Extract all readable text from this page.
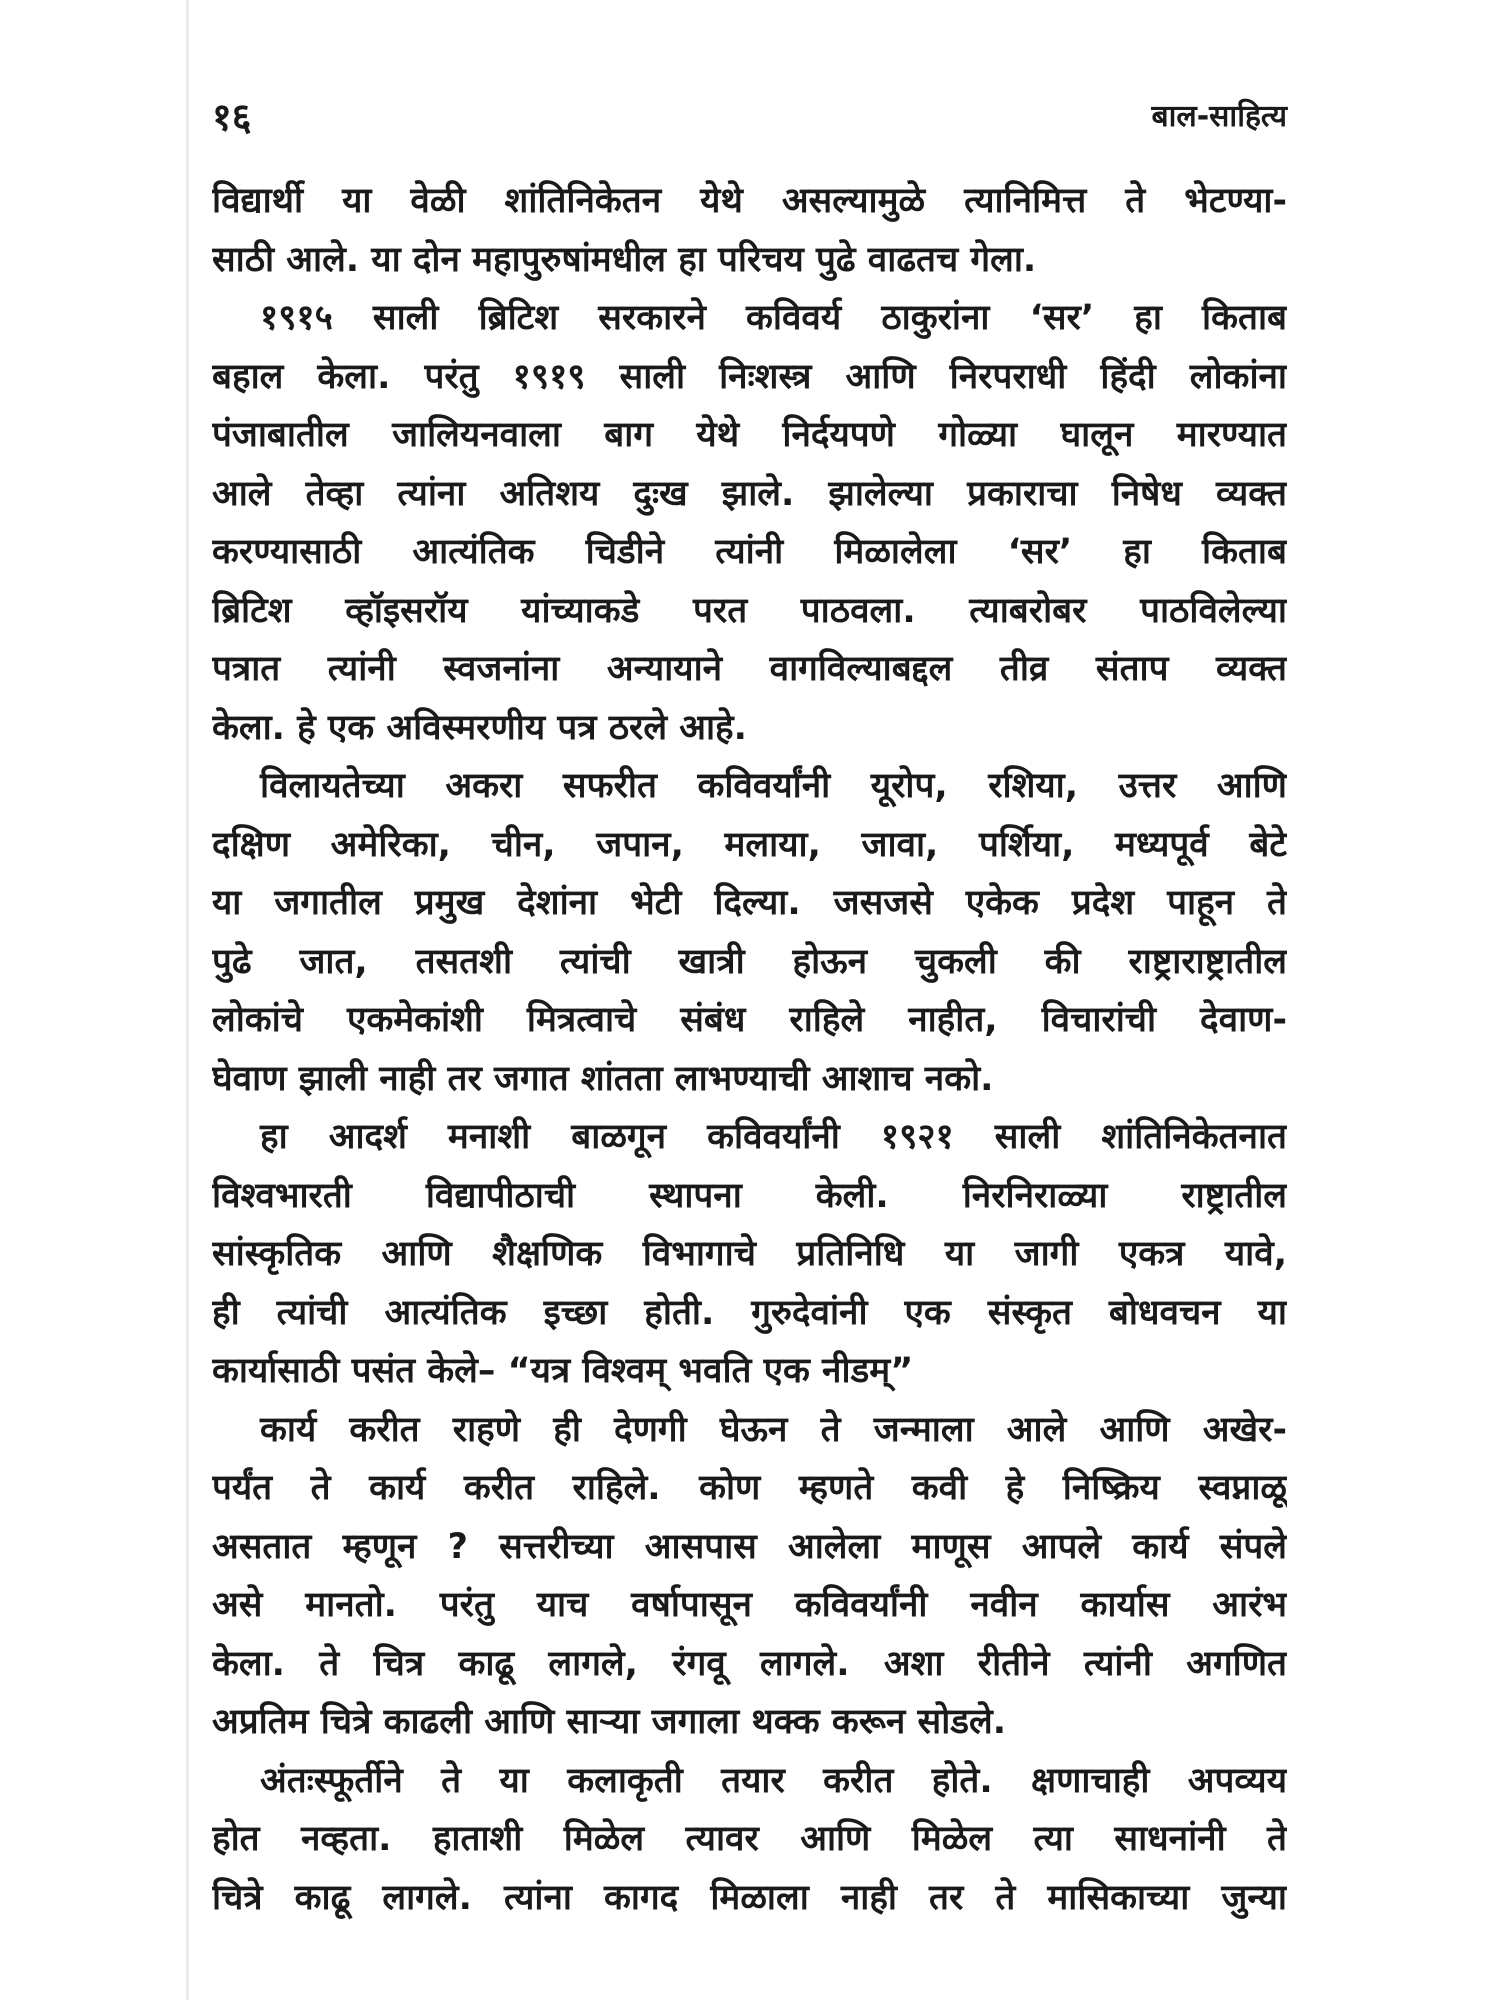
१६	बाल-साहित्य
विद्यार्थी या वेळी शांतिनिकेतन येथे असल्यामुळे त्यानिमित्त ते भेटण्या-
साठी आले. या दोन महापुरुषांमधील हा परिचय पुढे वाढतच गेला.
१९१५ साली ब्रिटिश सरकारने कविवर्य ठाकुरांना ‘सर’ हा किताब
बहाल केला. परंतु १९१९ साली निःशस्त्र आणि निरपराधी हिंदी लोकांना
पंजाबातील जालियनवाला बाग येथे निर्दयपणे गोळ्या घालून मारण्यात
आले तेव्हा त्यांना अतिशय दुःख झाले. झालेल्या प्रकाराचा निषेध व्यक्त
करण्यासाठी आत्यंतिक चिडीने त्यांनी मिळालेला ‘सर’ हा किताब
ब्रिटिश व्हॉइसरॉय यांच्याकडे परत पाठवला. त्याबरोबर पाठविलेल्या
पत्रात त्यांनी स्वजनांना अन्यायाने वागविल्याबद्दल तीव्र संताप व्यक्त
केला. हे एक अविस्मरणीय पत्र ठरले आहे.
विलायतेच्या अकरा सफरीत कविवर्यांनी यूरोप, रशिया, उत्तर आणि
दक्षिण अमेरिका, चीन, जपान, मलाया, जावा, पर्शिया, मध्यपूर्व बेटे
या जगातील प्रमुख देशांना भेटी दिल्या. जसजसे एकेक प्रदेश पाहून ते
पुढे जात, तसतशी त्यांची खात्री होऊन चुकली की राष्ट्राराष्ट्रातील
लोकांचे एकमेकांशी मित्रत्वाचे संबंध राहिले नाहीत, विचारांची देवाण-
घेवाण झाली नाही तर जगात शांतता लाभण्याची आशाच नको.
हा आदर्श मनाशी बाळगून कविवर्यांनी १९२१ साली शांतिनिकेतनात
विश्वभारती विद्यापीठाची स्थापना केली. निरनिराळ्या राष्ट्रातील
सांस्कृतिक आणि शैक्षणिक विभागाचे प्रतिनिधि या जागी एकत्र यावे,
ही त्यांची आत्यंतिक इच्छा होती. गुरुदेवांनी एक संस्कृत बोधवचन या
कार्यासाठी पसंत केले– “यत्र विश्वम् भवति एक नीडम्”
कार्य करीत राहणे ही देणगी घेऊन ते जन्माला आले आणि अखेर-
पर्यंत ते कार्य करीत राहिले. कोण म्हणते कवी हे निष्क्रिय स्वप्नाळू
असतात म्हणून ? सत्तरीच्या आसपास आलेला माणूस आपले कार्य संपले
असे मानतो. परंतु याच वर्षापासून कविवर्यांनी नवीन कार्यास आरंभ
केला. ते चित्र काढू लागले, रंगवू लागले. अशा रीतीने त्यांनी अगणित
अप्रतिम चित्रे काढली आणि साऱ्या जगाला थक्क करून सोडले.
अंतःस्फूर्तीने ते या कलाकृती तयार करीत होते. क्षणाचाही अपव्यय
होत नव्हता. हाताशी मिळेल त्यावर आणि मिळेल त्या साधनांनी ते
चित्रे काढू लागले. त्यांना कागद मिळाला नाही तर ते मासिकाच्या जुन्या
